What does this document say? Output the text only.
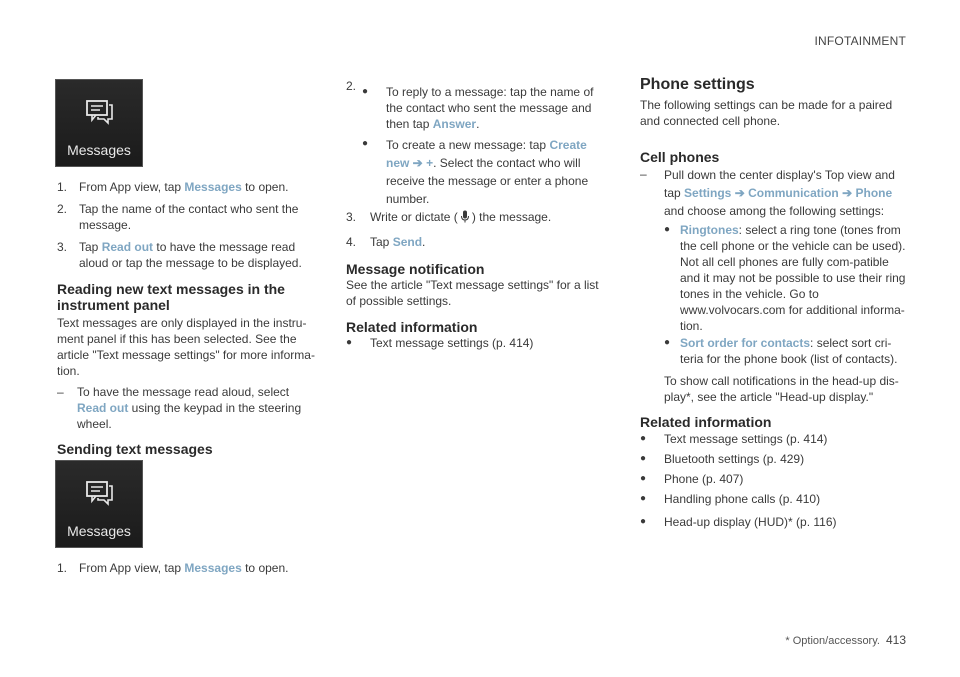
INFOTAINMENT
Messages
1. From App view, tap Messages to open.
2. Tap the name of the contact who sent the message.
3. Tap Read out to have the message read aloud or tap the message to be displayed.
Reading new text messages in the instrument panel
Text messages are only displayed in the instru-ment panel if this has been selected. See the article "Text message settings" for more informa-tion.
– To have the message read aloud, select Read out using the keypad in the steering wheel.
Sending text messages
Messages
1. From App view, tap Messages to open.
2. ● To reply to a message: tap the name of the contact who sent the message and then tap Answer.
● To create a new message: tap Create new ➔ +. Select the contact who will receive the message or enter a phone number.
3. Write or dictate ( ) the message.
4. Tap Send.
Message notification
See the article "Text message settings" for a list of possible settings.
Related information
● Text message settings (p. 414)
Phone settings
The following settings can be made for a paired and connected cell phone.
Cell phones
– Pull down the center display's Top view and tap Settings ➔ Communication ➔ Phone
and choose among the following settings:
● Ringtones: select a ring tone (tones from the cell phone or the vehicle can be used). Not all cell phones are fully com-patible and it may not be possible to use their ring tones in the vehicle. Go to www.volvocars.com for additional informa-tion.
● Sort order for contacts: select sort cri-teria for the phone book (list of contacts).
To show call notifications in the head-up dis-play*, see the article "Head-up display."
Related information
● Text message settings (p. 414)
● Bluetooth settings (p. 429)
● Phone (p. 407)
● Handling phone calls (p. 410)
● Head-up display (HUD)* (p. 116)
* Option/accessory. 413
